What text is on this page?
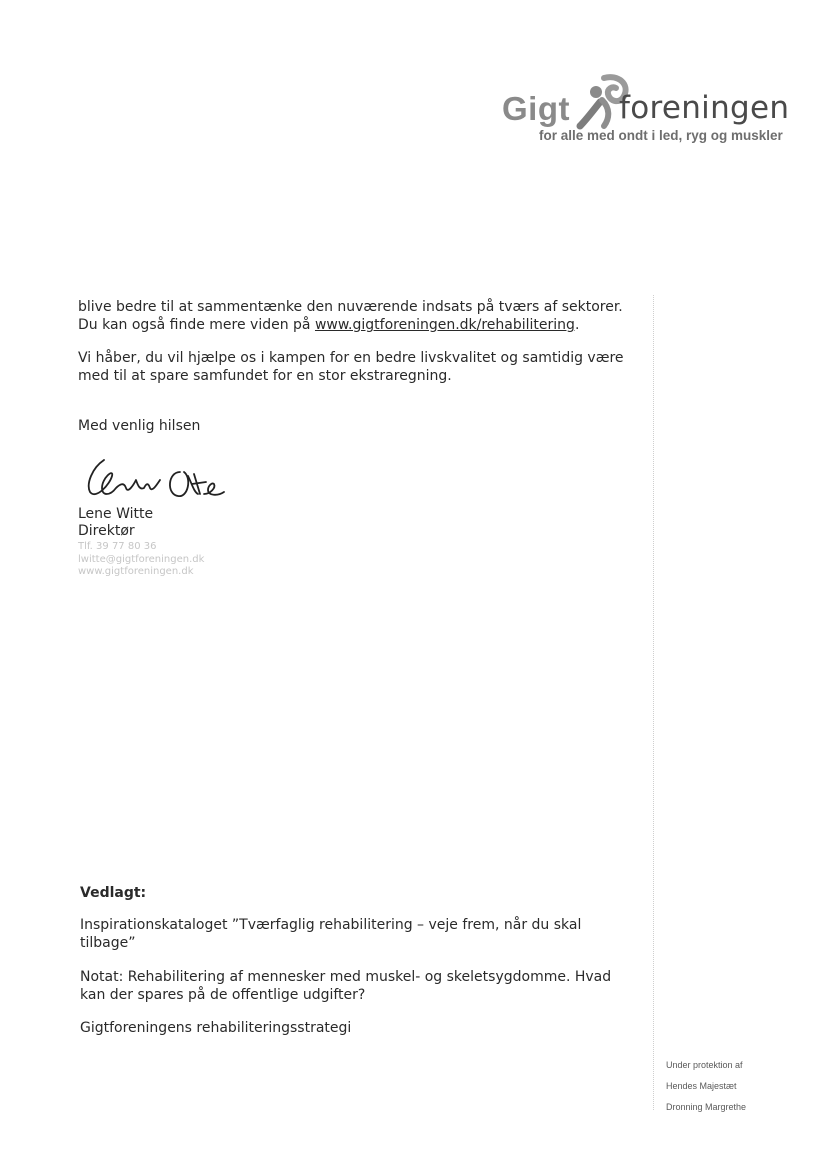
Gigt foreningen
for alle med ondt i led, ryg og muskler

blive bedre til at sammentænke den nuværende indsats på tværs af sektorer.
Du kan også finde mere viden på www.gigtforeningen.dk/rehabilitering.

Vi håber, du vil hjælpe os i kampen for en bedre livskvalitet og samtidig være med til at spare samfundet for en stor ekstraregning.

Med venlig hilsen

Lene Witte
Direktør
Tlf. 39 77 80 36
lwitte@gigtforeningen.dk
www.gigtforeningen.dk

Vedlagt:

Inspirationskataloget ”Tværfaglig rehabilitering – veje frem, når du skal tilbage”

Notat: Rehabilitering af mennesker med muskel- og skeletsygdomme. Hvad kan der spares på de offentlige udgifter?

Gigtforeningens rehabiliteringsstrategi

Under protektion af
Hendes Majestæt
Dronning Margrethe
